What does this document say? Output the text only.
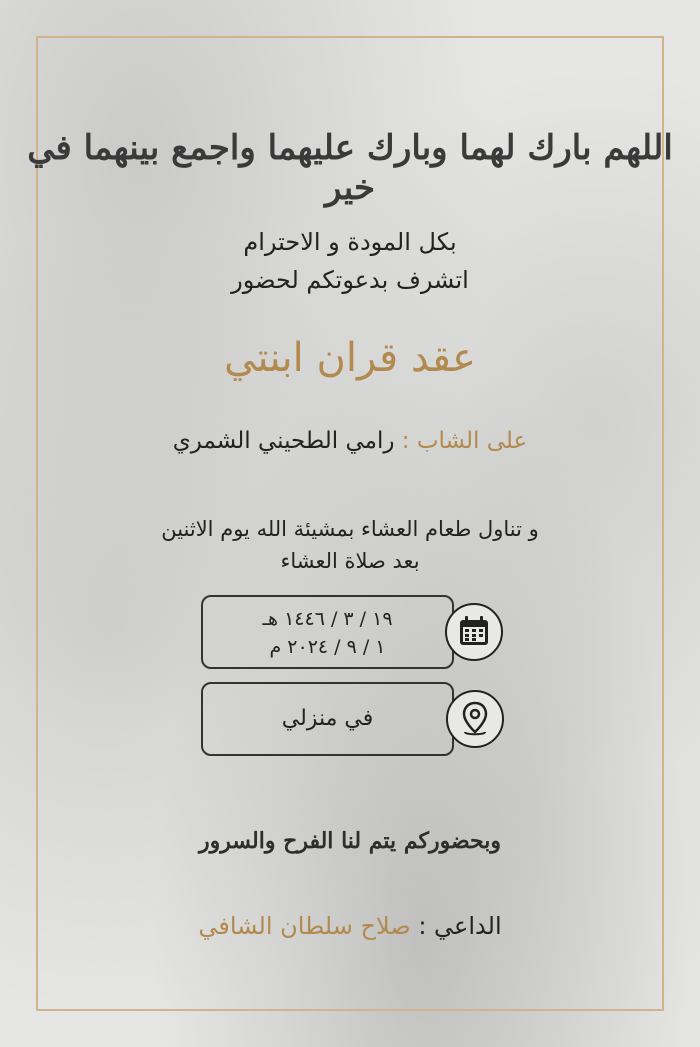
اللهم بارك لهما وبارك عليهما واجمع بينهما في خير
بكل المودة و الاحترام
اتشرف بدعوتكم لحضور
عقد قران ابنتي
على الشاب : رامي الطحيني الشمري
و تناول طعام العشاء بمشيئة الله يوم الاثنين
بعد صلاة العشاء
١٩ / ٣ / ١٤٤٦ هـ
١ / ٩ / ٢٠٢٤ م
في منزلي
وبحضوركم يتم لنا الفرح والسرور
الداعي : صلاح سلطان الشافي
